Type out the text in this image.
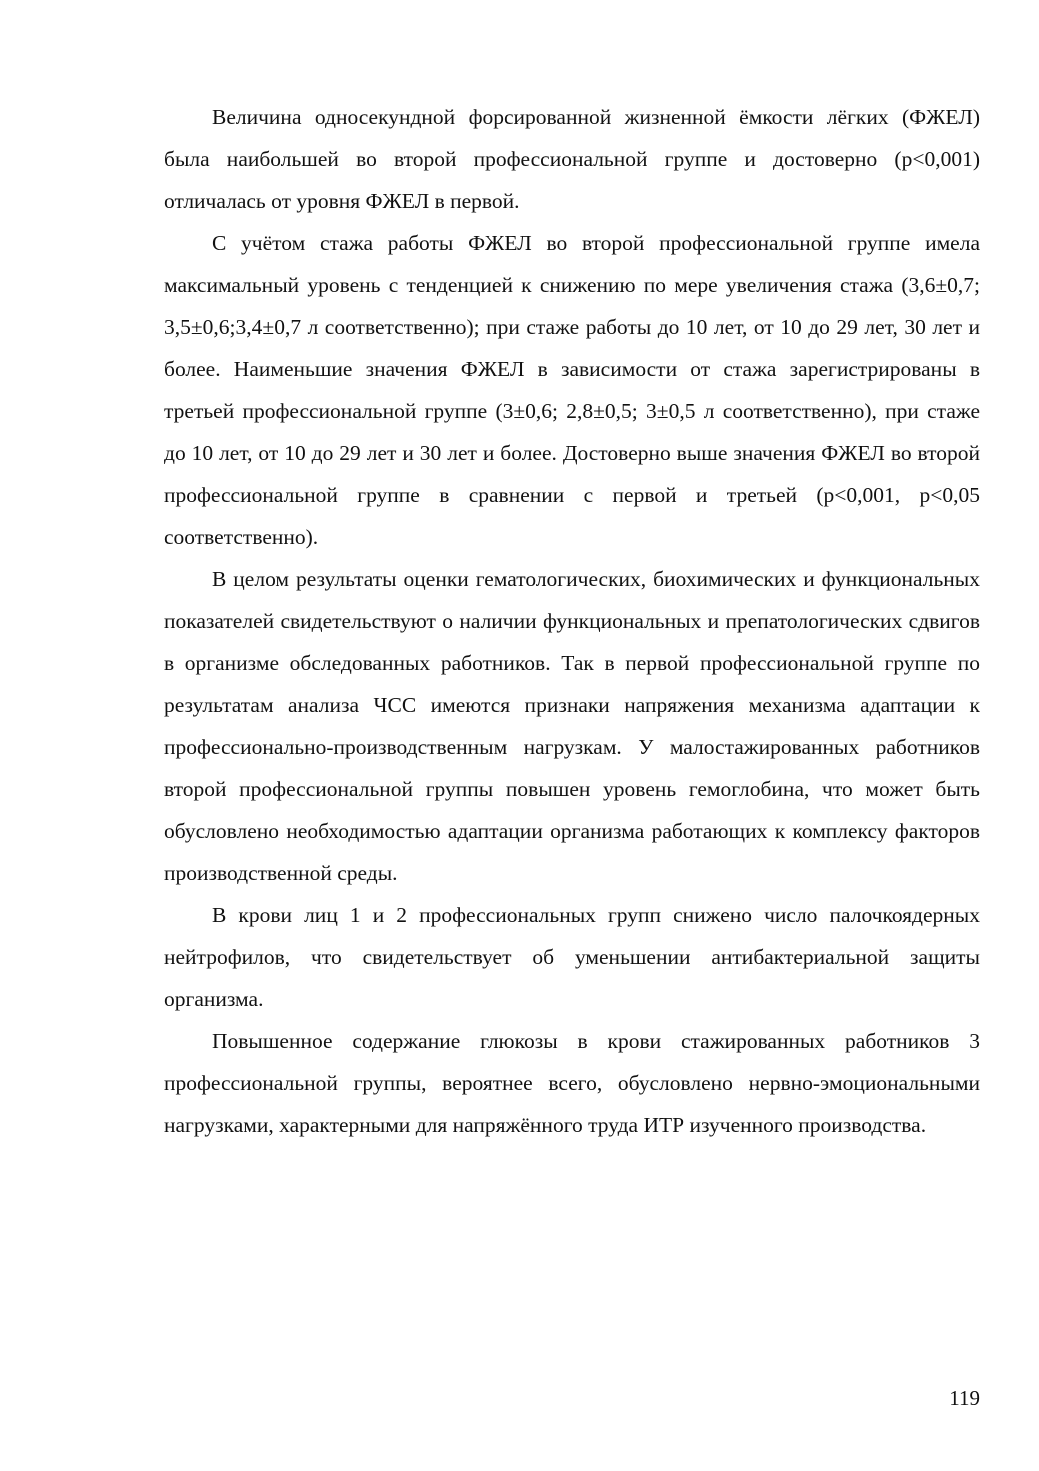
Величина односекундной форсированной жизненной ёмкости лёгких (ФЖЕЛ) была наибольшей во второй профессиональной группе и достоверно (р<0,001) отличалась от уровня ФЖЕЛ в первой.

С учётом стажа работы ФЖЕЛ во второй профессиональной группе имела максимальный уровень с тенденцией к снижению по мере увеличения стажа (3,6±0,7; 3,5±0,6;3,4±0,7 л соответственно); при стаже работы до 10 лет, от 10 до 29 лет, 30 лет и более. Наименьшие значения ФЖЕЛ в зависимости от стажа зарегистрированы в третьей профессиональной группе (3±0,6; 2,8±0,5; 3±0,5 л соответственно), при стаже до 10 лет, от 10 до 29 лет и 30 лет и более. Достоверно выше значения ФЖЕЛ во второй профессиональной группе в сравнении с первой и третьей (р<0,001, р<0,05 соответственно).

В целом результаты оценки гематологических, биохимических и функциональных показателей свидетельствуют о наличии функциональных и препатологических сдвигов в организме обследованных работников. Так в первой профессиональной группе по результатам анализа ЧСС имеются признаки напряжения механизма адаптации к профессионально-производственным нагрузкам. У малостажированных работников второй профессиональной группы повышен уровень гемоглобина, что может быть обусловлено необходимостью адаптации организма работающих к комплексу факторов производственной среды.

В крови лиц 1 и 2 профессиональных групп снижено число палочкоядерных нейтрофилов, что свидетельствует об уменьшении антибактериальной защиты организма.

Повышенное содержание глюкозы в крови стажированных работников 3 профессиональной группы, вероятнее всего, обусловлено нервно-эмоциональными нагрузками, характерными для напряжённого труда ИТР изученного производства.

119
